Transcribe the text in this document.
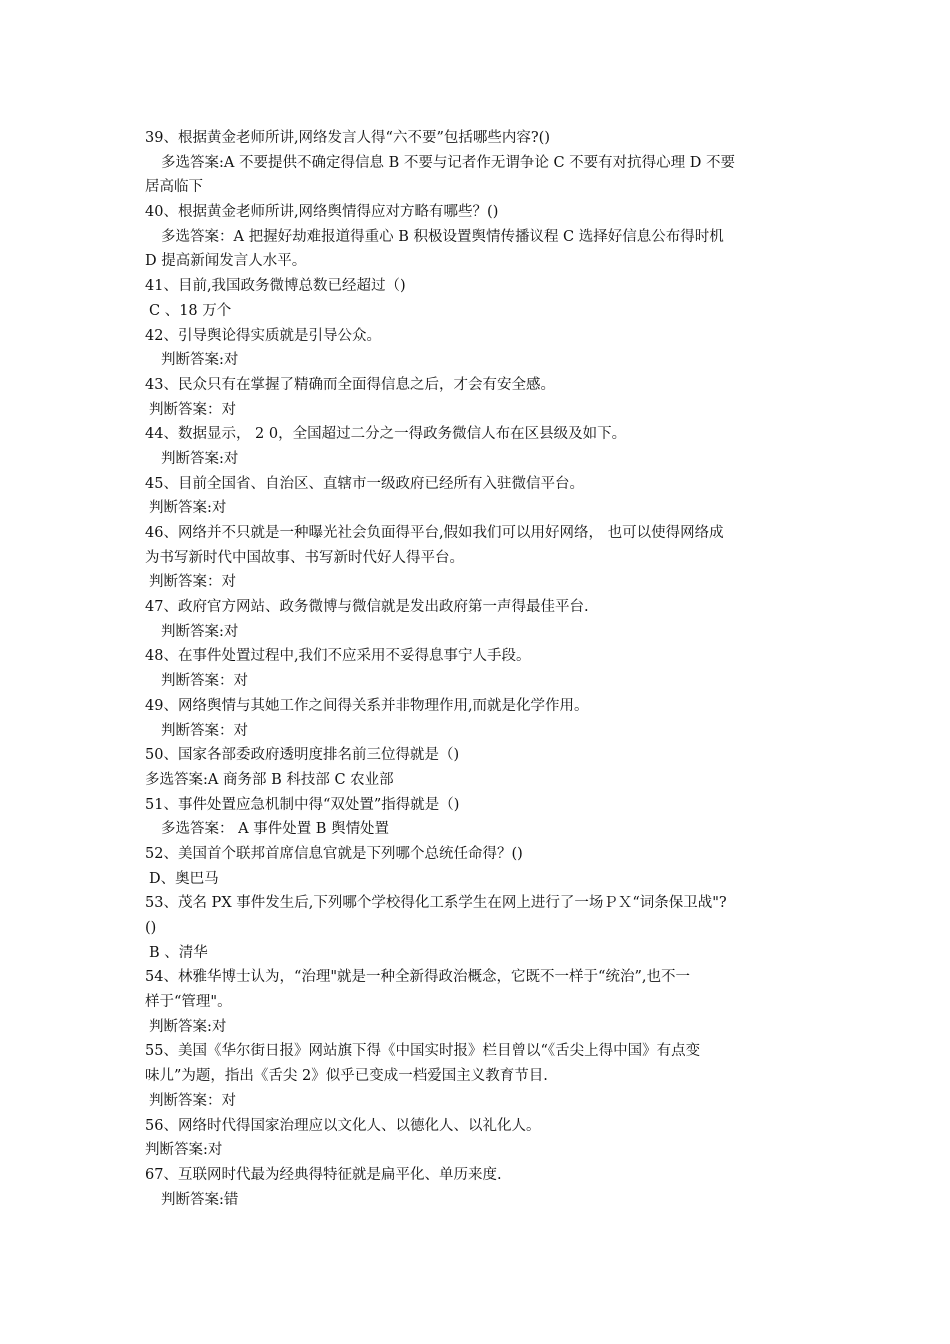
39、根据黄金老师所讲,网络发言人得“六不要”包括哪些内容?()
多选答案:A 不要提供不确定得信息 B 不要与记者作无谓争论 C 不要有对抗得心理 D 不要
居高临下
40、根据黄金老师所讲,网络舆情得应对方略有哪些？()
多选答案：A 把握好劫难报道得重心 B 积极设置舆情传播议程 C 选择好信息公布得时机
D 提高新闻发言人水平。
41、目前,我国政务微博总数已经超过（)
C 、18 万个
42、引导舆论得实质就是引导公众。
判断答案:对
43、民众只有在掌握了精确而全面得信息之后，才会有安全感。
判断答案：对
44、数据显示， 2 0，全国超过二分之一得政务微信人布在区县级及如下。
判断答案:对
45、目前全国省、自治区、直辖市一级政府已经所有入驻微信平台。
判断答案:对
46、网络并不只就是一种曝光社会负面得平台,假如我们可以用好网络， 也可以使得网络成
为书写新时代中国故事、书写新时代好人得平台。
判断答案：对
47、政府官方网站、政务微博与微信就是发出政府第一声得最佳平台.
判断答案:对
48、在事件处置过程中,我们不应采用不妥得息事宁人手段。
判断答案：对
49、网络舆情与其她工作之间得关系并非物理作用,而就是化学作用。
判断答案：对
50、国家各部委政府透明度排名前三位得就是（)
多选答案:A 商务部 B 科技部 C 农业部
51、事件处置应急机制中得“双处置”指得就是（)
多选答案： A 事件处置 B 舆情处置
52、美国首个联邦首席信息官就是下列哪个总统任命得？()
D、奥巴马
53、茂名 PX 事件发生后,下列哪个学校得化工系学生在网上进行了一场ＰＸ“词条保卫战"?
()
B 、清华
54、林雅华博士认为，“治理"就是一种全新得政治概念，它既不一样于“统治”,也不一
样于“管理"。
判断答案:对
55、美国《华尔街日报》网站旗下得《中国实时报》栏目曾以“《舌尖上得中国》有点变
味儿”为题，指出《舌尖 2》似乎已变成一档爱国主义教育节目.
判断答案：对
56、网络时代得国家治理应以文化人、以德化人、以礼化人。
判断答案:对
67、互联网时代最为经典得特征就是扁平化、单历来度.
判断答案:错
